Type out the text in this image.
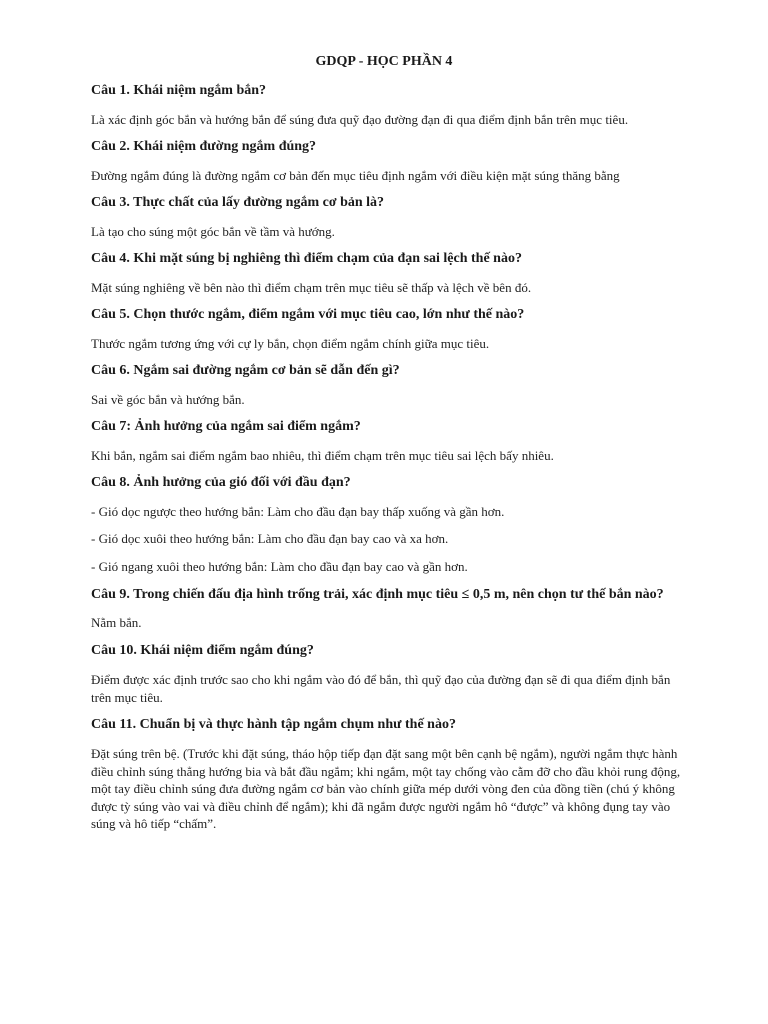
GDQP - HỌC PHẦN 4
Câu 1. Khái niệm ngắm bắn?
Là xác định góc bắn và hướng bắn để súng đưa quỹ đạo đường đạn đi qua điểm định bắn trên mục tiêu.
Câu 2. Khái niệm đường ngắm đúng?
Đường ngắm đúng là đường ngắm cơ bản đến mục tiêu định ngắm với điều kiện mặt súng thăng bằng
Câu 3. Thực chất của lấy đường ngắm cơ bản là?
Là tạo cho súng một góc bắn về tầm và hướng.
Câu 4. Khi mặt súng bị nghiêng thì điểm chạm của đạn sai lệch thế nào?
Mặt súng nghiêng về bên nào thì điểm chạm trên mục tiêu sẽ thấp và lệch về bên đó.
Câu 5. Chọn thước ngắm, điểm ngắm với mục tiêu cao, lớn như thế nào?
Thước ngắm tương ứng với cự ly bắn, chọn điểm ngắm chính giữa mục tiêu.
Câu 6. Ngắm sai đường ngắm cơ bản sẽ dẫn đến gì?
Sai về góc bắn và hướng bắn.
Câu 7: Ảnh hưởng của ngắm sai điểm ngắm?
Khi bắn, ngắm sai điểm ngắm bao nhiêu, thì điểm chạm trên mục tiêu sai lệch bấy nhiêu.
Câu 8. Ảnh hưởng của gió đối với đầu đạn?
- Gió dọc ngược theo hướng bắn: Làm cho đầu đạn bay thấp xuống và gần hơn.
- Gió dọc xuôi theo hướng bắn: Làm cho đầu đạn bay cao và xa hơn.
- Gió ngang xuôi theo hướng bắn: Làm cho đầu đạn bay cao và gần hơn.
Câu 9. Trong chiến đấu địa hình trống trải, xác định mục tiêu ≤ 0,5 m, nên chọn tư thế bắn nào?
Nằm bắn.
Câu 10. Khái niệm điểm ngắm đúng?
Điểm được xác định trước sao cho khi ngắm vào đó để bắn, thì quỹ đạo của đường đạn sẽ đi qua điểm định bắn trên mục tiêu.
Câu 11. Chuẩn bị và thực hành tập ngắm chụm như thế nào?
Đặt súng trên bệ. (Trước khi đặt súng, tháo hộp tiếp đạn đặt sang một bên cạnh bệ ngắm), người ngắm thực hành điều chỉnh súng thẳng hướng bia và bắt đầu ngắm; khi ngắm, một tay chống vào cằm đỡ cho đầu khỏi rung động, một tay điều chỉnh súng đưa đường ngắm cơ bản vào chính giữa mép dưới vòng đen của đồng tiền (chú ý không được tỳ súng vào vai và điều chỉnh để ngắm); khi đã ngắm được người ngắm hô “được” và không đụng tay vào súng và hô tiếp “chấm”.
